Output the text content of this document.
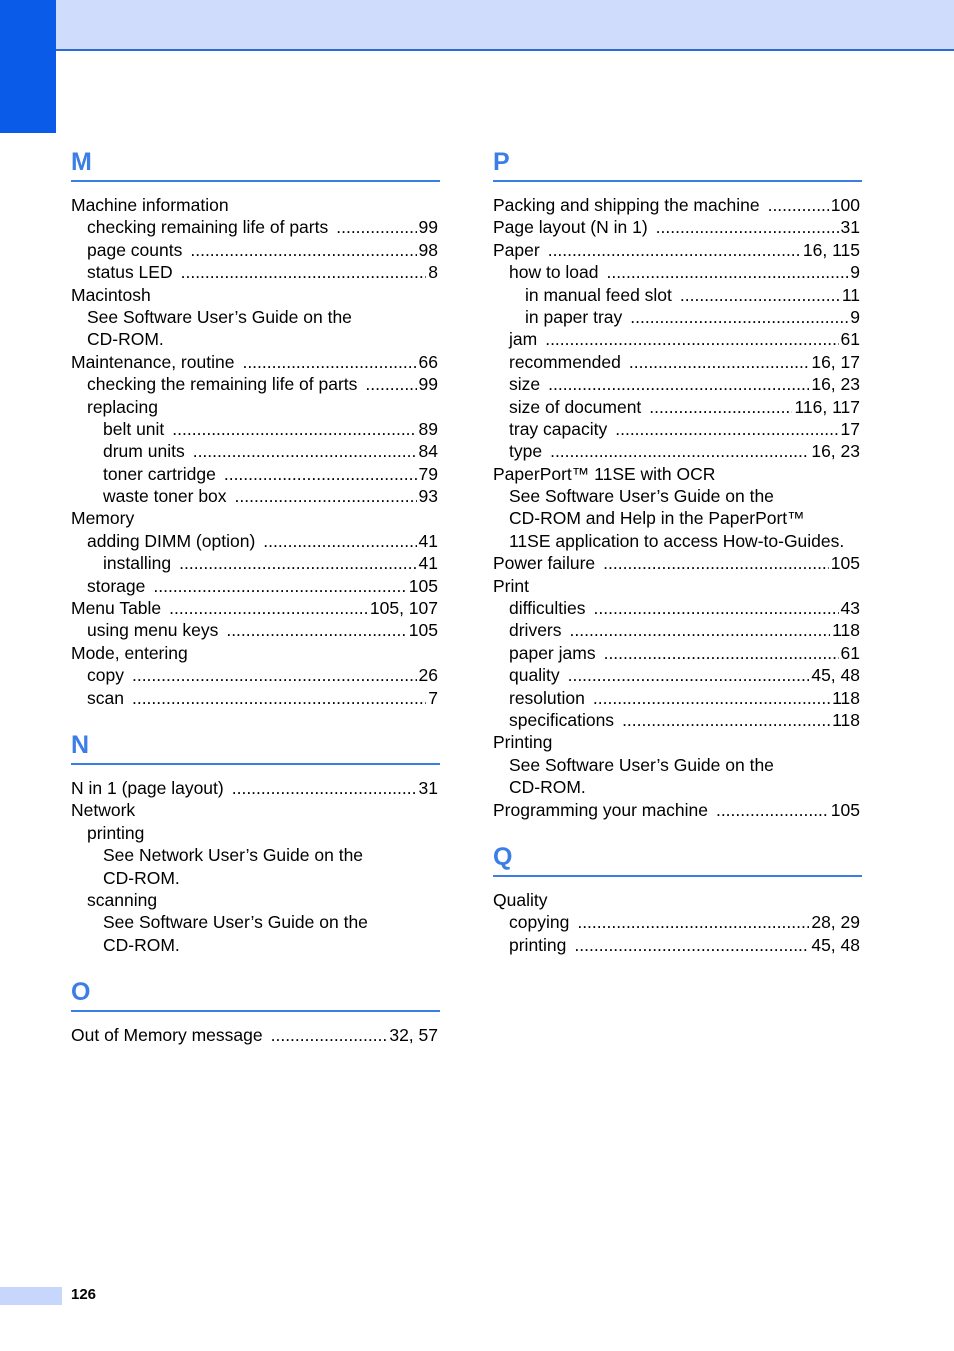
M
Machine information
checking remaining life of parts .....	99
page counts .....	98
status LED .....	8
Macintosh
See Software User’s Guide on the
CD-ROM.
Maintenance, routine .....	66
checking the remaining life of parts .....	99
replacing
belt unit .....	89
drum units .....	84
toner cartridge .....	79
waste toner box .....	93
Memory
adding DIMM (option) .....	41
installing .....	41
storage .....	105
Menu Table .....	105, 107
using menu keys .....	105
Mode, entering
copy .....	26
scan .....	7
N
N in 1 (page layout) .....	31
Network
printing
See Network User’s Guide on the
CD-ROM.
scanning
See Software User’s Guide on the
CD-ROM.
O
Out of Memory message .....	32, 57
P
Packing and shipping the machine .....	100
Page layout (N in 1) .....	31
Paper .....	16, 115
how to load .....	9
in manual feed slot .....	11
in paper tray .....	9
jam .....	61
recommended .....	16, 17
size .....	16, 23
size of document .....	116, 117
tray capacity .....	17
type .....	16, 23
PaperPort™ 11SE with OCR
See Software User’s Guide on the
CD-ROM and Help in the PaperPort™
11SE application to access How-to-Guides.
Power failure .....	105
Print
difficulties .....	43
drivers .....	118
paper jams .....	61
quality .....	45, 48
resolution .....	118
specifications .....	118
Printing
See Software User’s Guide on the
CD-ROM.
Programming your machine .....	105
Q
Quality
copying .....	28, 29
printing .....	45, 48
126
